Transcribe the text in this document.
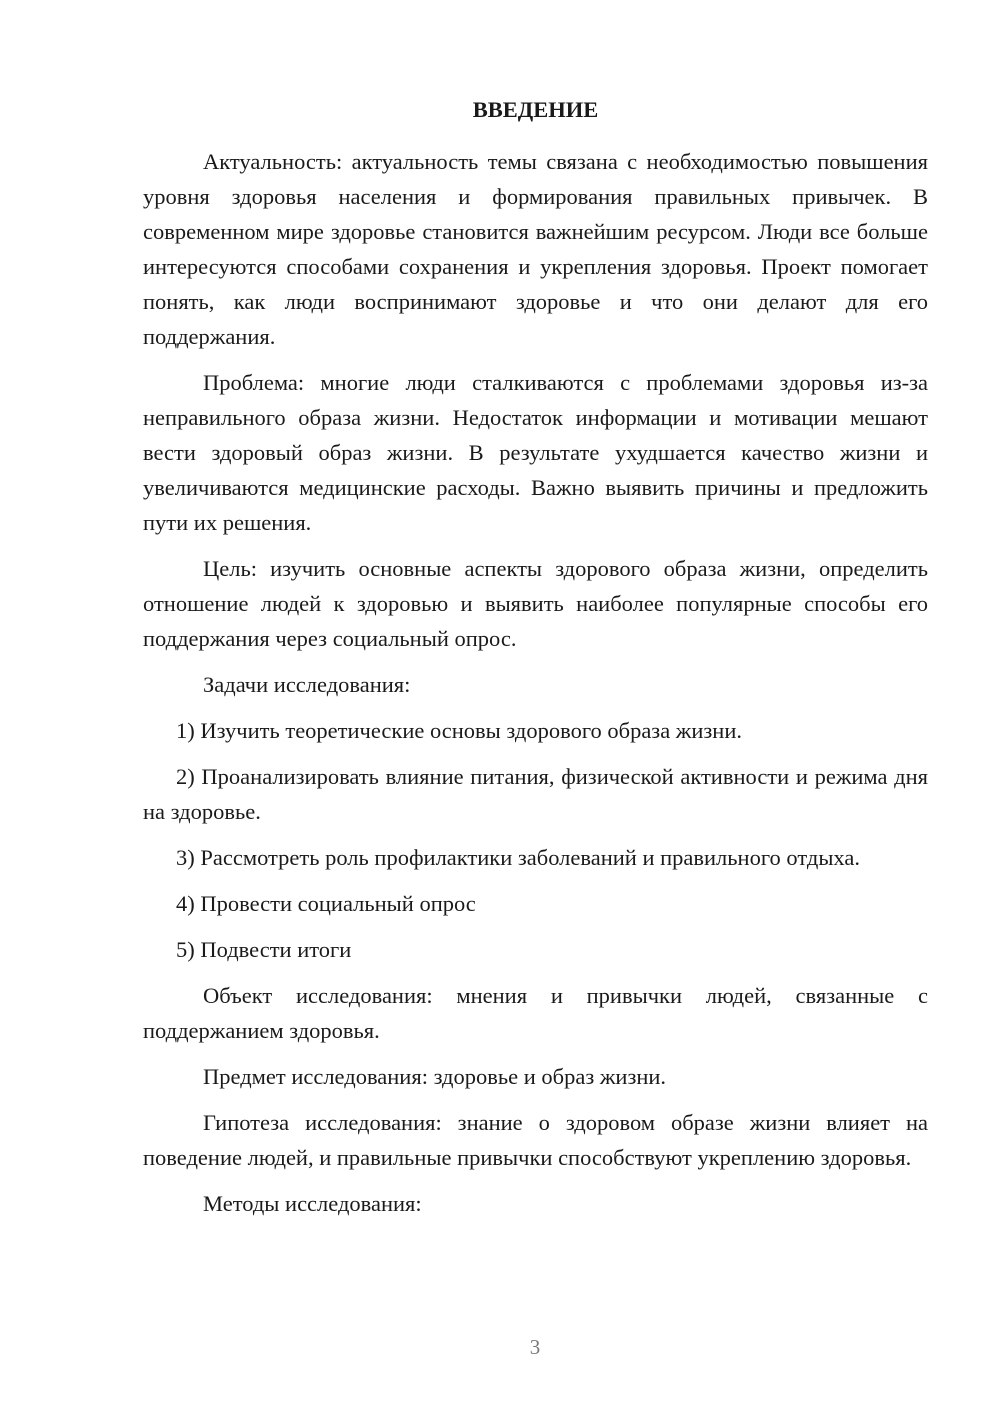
ВВЕДЕНИЕ

Актуальность: актуальность темы связана с необходимостью повышения уровня здоровья населения и формирования правильных привычек. В современном мире здоровье становится важнейшим ресурсом. Люди все больше интересуются способами сохранения и укрепления здоровья. Проект помогает понять, как люди воспринимают здоровье и что они делают для его поддержания.

Проблема: многие люди сталкиваются с проблемами здоровья из-за неправильного образа жизни. Недостаток информации и мотивации мешают вести здоровый образ жизни. В результате ухудшается качество жизни и увеличиваются медицинские расходы. Важно выявить причины и предложить пути их решения.

Цель: изучить основные аспекты здорового образа жизни, определить отношение людей к здоровью и выявить наиболее популярные способы его поддержания через социальный опрос.

Задачи исследования:

1) Изучить теоретические основы здорового образа жизни.

2) Проанализировать влияние питания, физической активности и режима дня на здоровье.

3) Рассмотреть роль профилактики заболеваний и правильного отдыха.

4) Провести социальный опрос

5) Подвести итоги

Объект исследования: мнения и привычки людей, связанные с поддержанием здоровья.

Предмет исследования: здоровье и образ жизни.

Гипотеза исследования: знание о здоровом образе жизни влияет на поведение людей, и правильные привычки способствуют укреплению здоровья.

Методы исследования:

3
